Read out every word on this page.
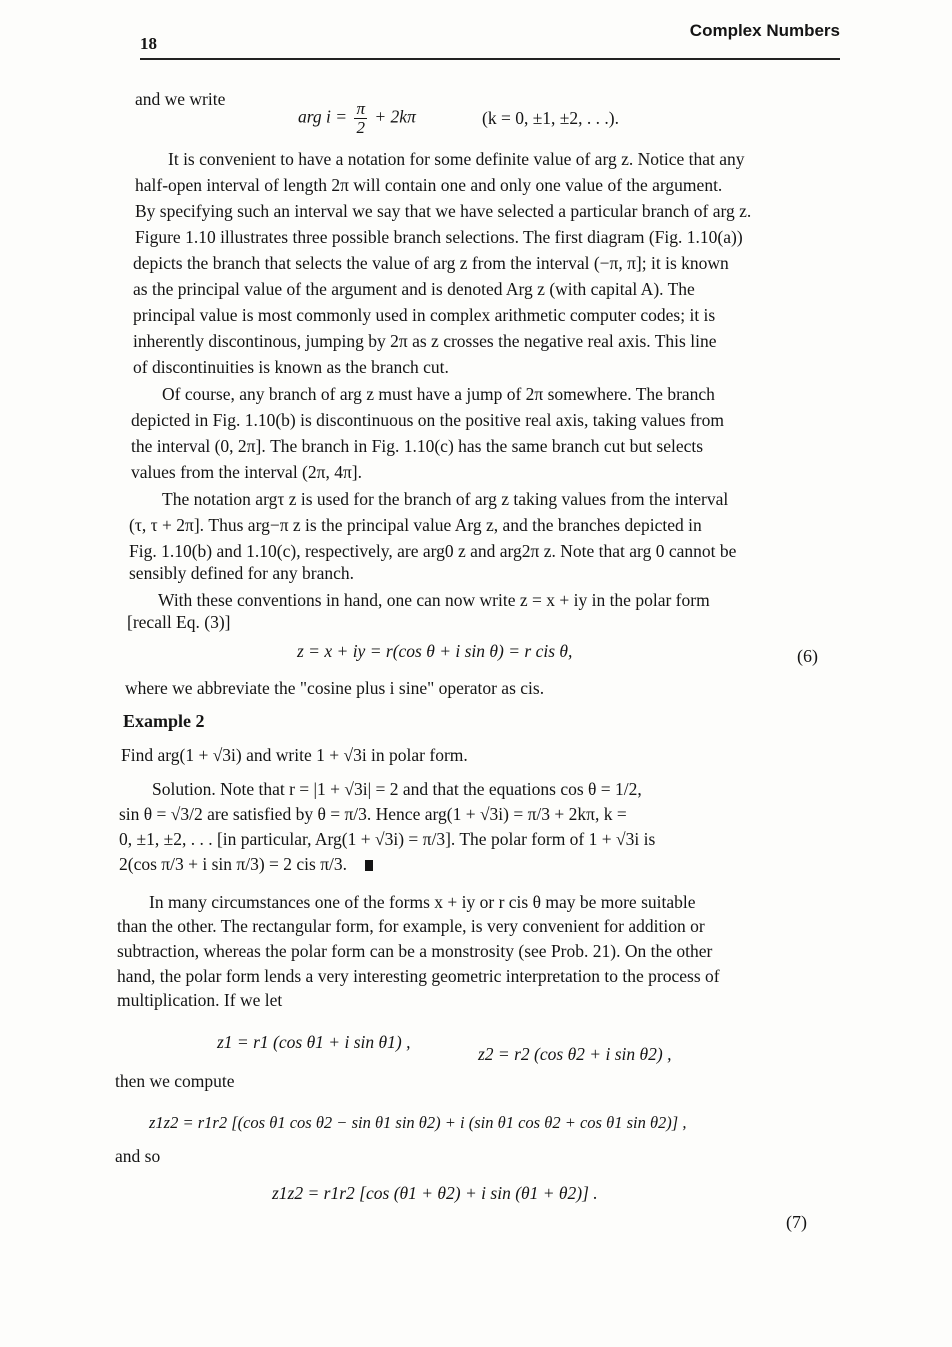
18
Complex Numbers
and we write
arg $i = \frac{\pi}{2} + 2k\pi$	(k = 0, ±1, ±2, . . .).
It is convenient to have a notation for some definite value of arg z. Notice that any
half-open interval of length 2π will contain one and only one value of the argument.
By specifying such an interval we say that we have selected a particular branch of arg z.
Figure 1.10 illustrates three possible branch selections. The first diagram (Fig. 1.10(a))
depicts the branch that selects the value of arg z from the interval (−π, π]; it is known
as the principal value of the argument and is denoted Arg z (with capital A). The
principal value is most commonly used in complex arithmetic computer codes; it is
inherently discontinous, jumping by 2π as z crosses the negative real axis. This line
of discontinuities is known as the branch cut.
Of course, any branch of arg z must have a jump of 2π somewhere. The branch
depicted in Fig. 1.10(b) is discontinuous on the positive real axis, taking values from
the interval (0, 2π]. The branch in Fig. 1.10(c) has the same branch cut but selects
values from the interval (2π, 4π].
The notation argτ z is used for the branch of arg z taking values from the interval
(τ, τ + 2π]. Thus arg−π z is the principal value Arg z, and the branches depicted in
Fig. 1.10(b) and 1.10(c), respectively, are arg0 z and arg2π z. Note that arg 0 cannot be
sensibly defined for any branch.
With these conventions in hand, one can now write z = x + iy in the polar form
[recall Eq. (3)]
z = x + iy = r(cos θ + i sin θ) = r cis θ,	(6)
where we abbreviate the "cosine plus i sine" operator as cis.
Example 2
Find arg(1 + √3i) and write 1 + √3i in polar form.
Solution. Note that r = |1 + √3i| = 2 and that the equations cos θ = 1/2,
sin θ = √3/2 are satisfied by θ = π/3. Hence arg(1 + √3i) = π/3 + 2kπ, k =
0, ±1, ±2, . . . [in particular, Arg(1 + √3i) = π/3]. The polar form of 1 + √3i is
2(cos π/3 + i sin π/3) = 2 cis π/3.
In many circumstances one of the forms x + iy or r cis θ may be more suitable
than the other. The rectangular form, for example, is very convenient for addition or
subtraction, whereas the polar form can be a monstrosity (see Prob. 21). On the other
hand, the polar form lends a very interesting geometric interpretation to the process of
multiplication. If we let
z1 = r1 (cos θ1 + i sin θ1) ,
z2 = r2 (cos θ2 + i sin θ2) ,
then we compute
z1z2 = r1r2 [(cos θ1 cos θ2 − sin θ1 sin θ2) + i (sin θ1 cos θ2 + cos θ1 sin θ2)] ,
and so
z1z2 = r1r2 [cos (θ1 + θ2) + i sin (θ1 + θ2)] .
(7)
